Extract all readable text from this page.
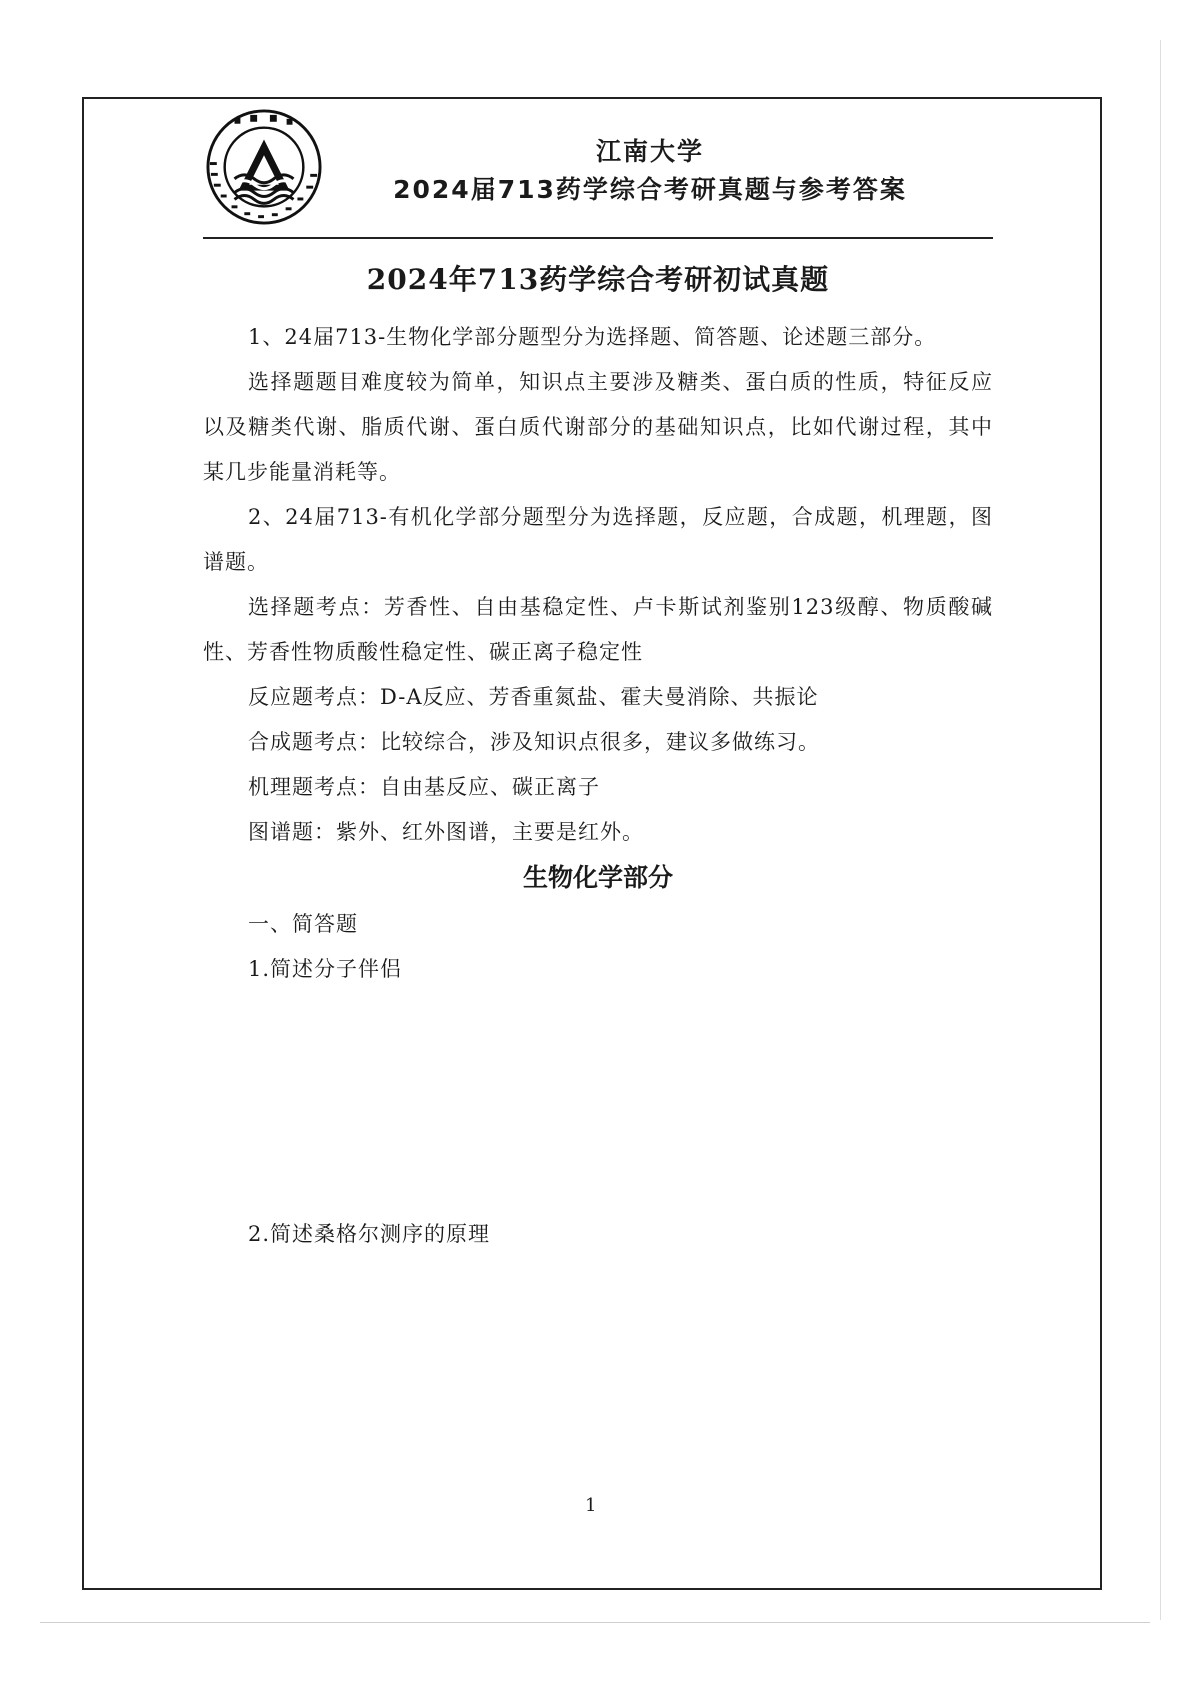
江南大学
2024届713药学综合考研真题与参考答案
2024年713药学综合考研初试真题
1、24届713-生物化学部分题型分为选择题、简答题、论述题三部分。
选择题题目难度较为简单，知识点主要涉及糖类、蛋白质的性质，特征反应以及糖类代谢、脂质代谢、蛋白质代谢部分的基础知识点，比如代谢过程，其中某几步能量消耗等。
2、24届713-有机化学部分题型分为选择题，反应题，合成题，机理题，图谱题。
选择题考点：芳香性、自由基稳定性、卢卡斯试剂鉴别123级醇、物质酸碱性、芳香性物质酸性稳定性、碳正离子稳定性
反应题考点：D-A反应、芳香重氮盐、霍夫曼消除、共振论
合成题考点：比较综合，涉及知识点很多，建议多做练习。
机理题考点：自由基反应、碳正离子
图谱题：紫外、红外图谱，主要是红外。
生物化学部分
一、简答题
1.简述分子伴侣
2.简述桑格尔测序的原理
1
